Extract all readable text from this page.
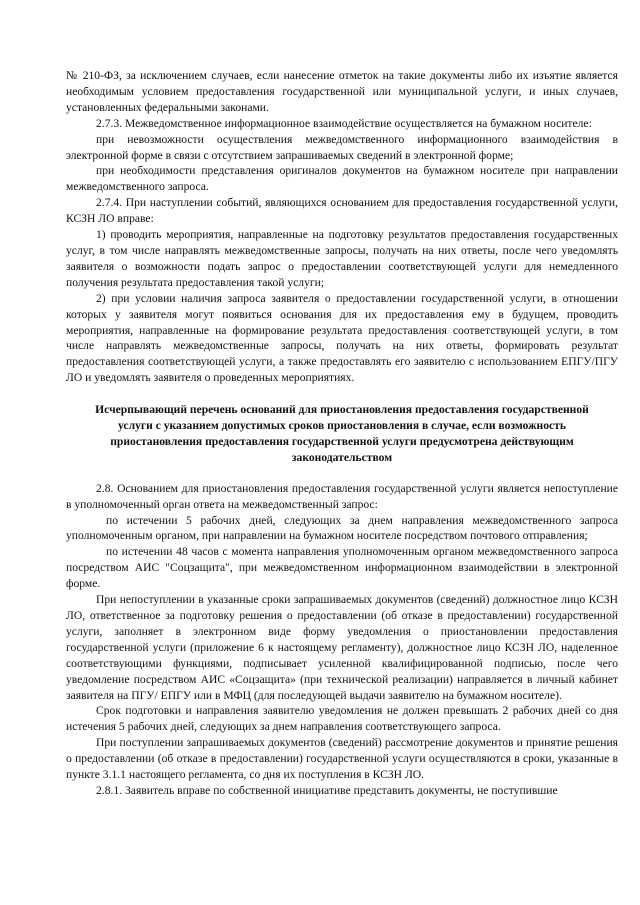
№ 210-ФЗ, за исключением случаев, если нанесение отметок на такие документы либо их изъятие является необходимым условием предоставления государственной или муниципальной услуги, и иных случаев, установленных федеральными законами.

2.7.3. Межведомственное информационное взаимодействие осуществляется на бумажном носителе:

при невозможности осуществления межведомственного информационного взаимодействия в электронной форме в связи с отсутствием запрашиваемых сведений в электронной форме;

при необходимости представления оригиналов документов на бумажном носителе при направлении межведомственного запроса.

2.7.4. При наступлении событий, являющихся основанием для предоставления государственной услуги, КСЗН ЛО вправе:

1) проводить мероприятия, направленные на подготовку результатов предоставления государственных услуг, в том числе направлять межведомственные запросы, получать на них ответы, после чего уведомлять заявителя о возможности подать запрос о предоставлении соответствующей услуги для немедленного получения результата предоставления такой услуги;

2) при условии наличия запроса заявителя о предоставлении государственной услуги, в отношении которых у заявителя могут появиться основания для их предоставления ему в будущем, проводить мероприятия, направленные на формирование результата предоставления соответствующей услуги, в том числе направлять межведомственные запросы, получать на них ответы, формировать результат предоставления соответствующей услуги, а также предоставлять его заявителю с использованием ЕПГУ/ПГУ ЛО и уведомлять заявителя о проведенных мероприятиях.

Исчерпывающий перечень оснований для приостановления предоставления государственной услуги с указанием допустимых сроков приостановления в случае, если возможность приостановления предоставления государственной услуги предусмотрена действующим законодательством

2.8. Основанием для приостановления предоставления государственной услуги является непоступление в уполномоченный орган ответа на межведомственный запрос:

по истечении 5 рабочих дней, следующих за днем направления межведомственного запроса уполномоченным органом, при направлении на бумажном носителе посредством почтового отправления;

по истечении 48 часов с момента направления уполномоченным органом межведомственного запроса посредством АИС "Соцзащита", при межведомственном информационном взаимодействии в электронной форме.

При непоступлении в указанные сроки запрашиваемых документов (сведений) должностное лицо КСЗН ЛО, ответственное за подготовку решения о предоставлении (об отказе в предоставлении) государственной услуги, заполняет в электронном виде форму уведомления о приостановлении предоставления государственной услуги (приложение 6 к настоящему регламенту), должностное лицо КСЗН ЛО, наделенное соответствующими функциями, подписывает усиленной квалифицированной подписью, после чего уведомление посредством АИС «Соцзащита» (при технической реализации) направляется в личный кабинет заявителя на ПГУ/ ЕПГУ или в МФЦ (для последующей выдачи заявителю на бумажном носителе).

Срок подготовки и направления заявителю уведомления не должен превышать 2 рабочих дней со дня истечения 5 рабочих дней, следующих за днем направления соответствующего запроса.

При поступлении запрашиваемых документов (сведений) рассмотрение документов и принятие решения о предоставлении (об отказе в предоставлении) государственной услуги осуществляются в сроки, указанные в пункте 3.1.1 настоящего регламента, со дня их поступления в КСЗН ЛО.

2.8.1. Заявитель вправе по собственной инициативе представить документы, не поступившие
